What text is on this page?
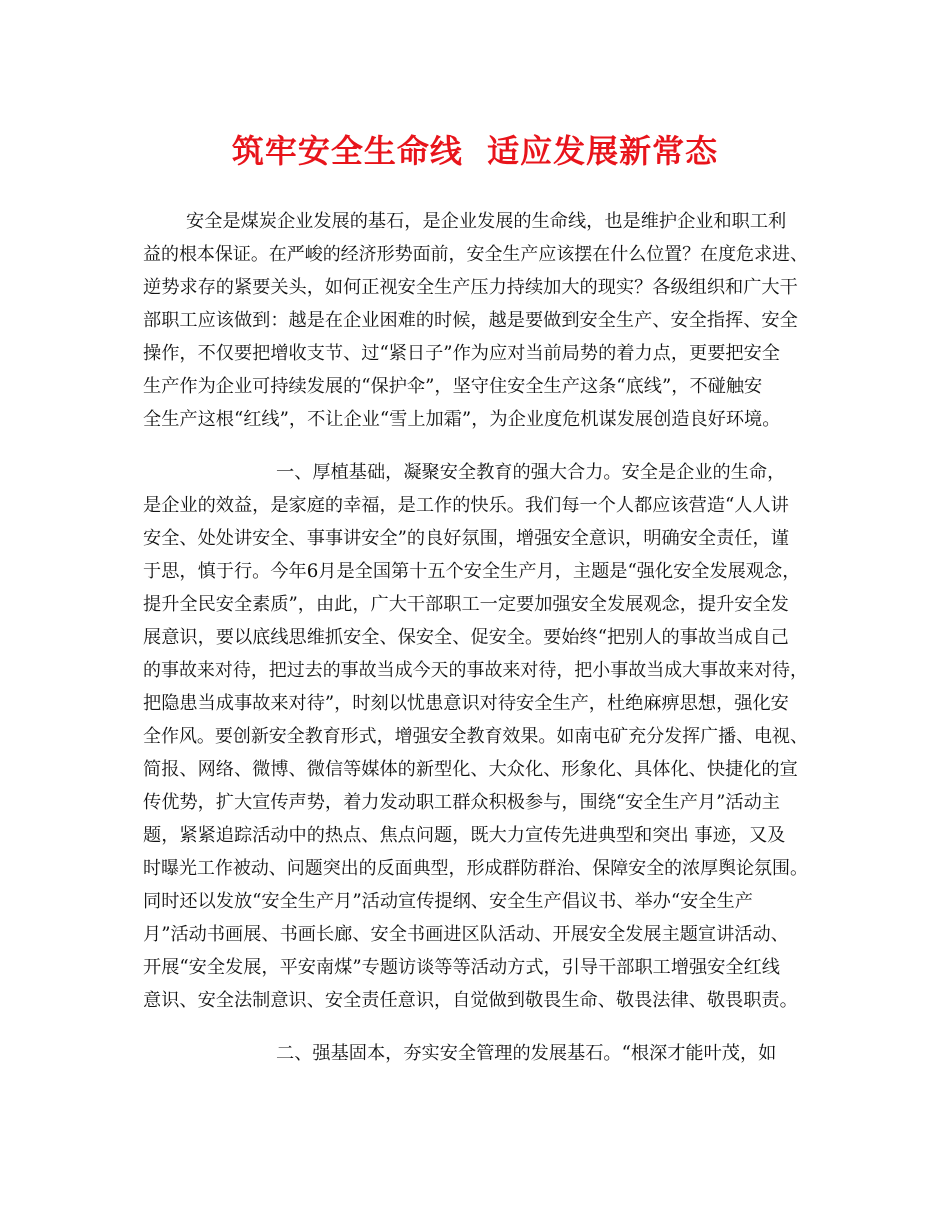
筑牢安全生命线  适应发展新常态
安全是煤炭企业发展的基石，是企业发展的生命线，也是维护企业和职工利
益的根本保证。在严峻的经济形势面前，安全生产应该摆在什么位置？在度危求进、
逆势求存的紧要关头，如何正视安全生产压力持续加大的现实？各级组织和广大干
部职工应该做到：越是在企业困难的时候，越是要做到安全生产、安全指挥、安全
操作，不仅要把增收支节、过“紧日子”作为应对当前局势的着力点，更要把安全
生产作为企业可持续发展的“保护伞”，坚守住安全生产这条“底线”，不碰触安
全生产这根“红线”，不让企业“雪上加霜”，为企业度危机谋发展创造良好环境。
一、厚植基础，凝聚安全教育的强大合力。安全是企业的生命，
是企业的效益，是家庭的幸福，是工作的快乐。我们每一个人都应该营造“人人讲
安全、处处讲安全、事事讲安全”的良好氛围，增强安全意识，明确安全责任，谨
于思，慎于行。今年6月是全国第十五个安全生产月，主题是“强化安全发展观念，
提升全民安全素质”，由此，广大干部职工一定要加强安全发展观念，提升安全发
展意识，要以底线思维抓安全、保安全、促安全。要始终“把别人的事故当成自己
的事故来对待，把过去的事故当成今天的事故来对待，把小事故当成大事故来对待，
把隐患当成事故来对待”，时刻以忧患意识对待安全生产，杜绝麻痹思想，强化安
全作风。要创新安全教育形式，增强安全教育效果。如南屯矿充分发挥广播、电视、
简报、网络、微博、微信等媒体的新型化、大众化、形象化、具体化、快捷化的宣
传优势，扩大宣传声势，着力发动职工群众积极参与，围绕“安全生产月”活动主
题，紧紧追踪活动中的热点、焦点问题，既大力宣传先进典型和突出 事迹，又及
时曝光工作被动、问题突出的反面典型，形成群防群治、保障安全的浓厚舆论氛围。
同时还以发放“安全生产月”活动宣传提纲、安全生产倡议书、举办“安全生产
月”活动书画展、书画长廊、安全书画进区队活动、开展安全发展主题宣讲活动、
开展“安全发展，平安南煤”专题访谈等等活动方式，引导干部职工增强安全红线
意识、安全法制意识、安全责任意识，自觉做到敬畏生命、敬畏法律、敬畏职责。
二、强基固本，夯实安全管理的发展基石。“根深才能叶茂，如
